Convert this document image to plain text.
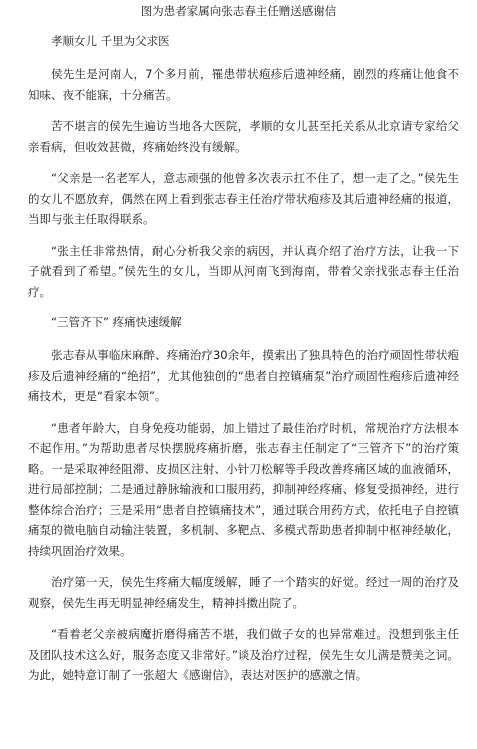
图为患者家属向张志春主任赠送感谢信

孝顺女儿 千里为父求医

侯先生是河南人，7个多月前，罹患带状疱疹后遗神经痛，剧烈的疼痛让他食不知味、夜不能寐，十分痛苦。

苦不堪言的侯先生遍访当地各大医院，孝顺的女儿甚至托关系从北京请专家给父亲看病，但收效甚微，疼痛始终没有缓解。

“父亲是一名老军人，意志顽强的他曾多次表示扛不住了，想一走了之。”侯先生的女儿不愿放弃，偶然在网上看到张志春主任治疗带状疱疹及其后遗神经痛的报道，当即与张主任取得联系。

“张主任非常热情，耐心分析我父亲的病因，并认真介绍了治疗方法，让我一下子就看到了希望。”侯先生的女儿，当即从河南飞到海南，带着父亲找张志春主任治疗。

“三管齐下” 疼痛快速缓解

张志春从事临床麻醉、疼痛治疗30余年，摸索出了独具特色的治疗顽固性带状疱疹及后遗神经痛的“绝招”，尤其他独创的“患者自控镇痛泵”治疗顽固性疱疹后遗神经痛技术，更是“看家本领”。

“患者年龄大，自身免疫功能弱，加上错过了最佳治疗时机，常规治疗方法根本不起作用。”为帮助患者尽快摆脱疼痛折磨，张志春主任制定了“三管齐下”的治疗策略。一是采取神经阻滞、皮损区注射、小针刀松解等手段改善疼痛区域的血液循环，进行局部控制；二是通过静脉输液和口服用药，抑制神经疼痛、修复受损神经，进行整体综合治疗；三是采用“患者自控镇痛技术”，通过联合用药方式，依托电子自控镇痛泵的微电脑自动输注装置，多机制、多靶点、多模式帮助患者抑制中枢神经敏化，持续巩固治疗效果。

治疗第一天，侯先生疼痛大幅度缓解，睡了一个踏实的好觉。经过一周的治疗及观察，侯先生再无明显神经痛发生，精神抖擞出院了。

“看着老父亲被病魔折磨得痛苦不堪，我们做子女的也异常难过。没想到张主任及团队技术这么好，服务态度又非常好。”谈及治疗过程，侯先生女儿满是赞美之词。为此，她特意订制了一张超大《感谢信》，表达对医护的感激之情。
